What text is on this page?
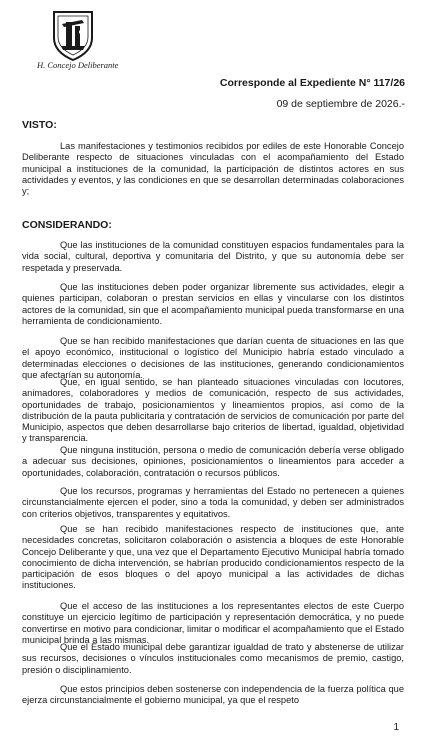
H. Concejo Deliberante
Corresponde al Expediente N° 117/26
09 de septiembre de 2026.-
VISTO:

Las manifestaciones y testimonios recibidos por ediles de este Honorable Concejo Deliberante respecto de situaciones vinculadas con el acompañamiento del Estado municipal a instituciones de la comunidad, la participación de distintos actores en sus actividades y eventos, y las condiciones en que se desarrollan determinadas colaboraciones y;

CONSIDERANDO:

Que las instituciones de la comunidad constituyen espacios fundamentales para la vida social, cultural, deportiva y comunitaria del Distrito, y que su autonomía debe ser respetada y preservada.

Que las instituciones deben poder organizar libremente sus actividades, elegir a quienes participan, colaboran o prestan servicios en ellas y vincularse con los distintos actores de la comunidad, sin que el acompañamiento municipal pueda transformarse en una herramienta de condicionamiento.

Que se han recibido manifestaciones que darían cuenta de situaciones en las que el apoyo económico, institucional o logístico del Municipio habría estado vinculado a determinadas elecciones o decisiones de las instituciones, generando condicionamientos que afectarían su autonomía.

Que, en igual sentido, se han planteado situaciones vinculadas con locutores, animadores, colaboradores y medios de comunicación, respecto de sus actividades, oportunidades de trabajo, posicionamientos y lineamientos propios, así como de la distribución de la pauta publicitaria y contratación de servicios de comunicación por parte del Municipio, aspectos que deben desarrollarse bajo criterios de libertad, igualdad, objetividad y transparencia.

Que ninguna institución, persona o medio de comunicación debería verse obligado a adecuar sus decisiones, opiniones, posicionamientos o lineamientos para acceder a oportunidades, colaboración, contratación o recursos públicos.

Que los recursos, programas y herramientas del Estado no pertenecen a quienes circunstancialmente ejercen el poder, sino a toda la comunidad, y deben ser administrados con criterios objetivos, transparentes y equitativos.

Que se han recibido manifestaciones respecto de instituciones que, ante necesidades concretas, solicitaron colaboración o asistencia a bloques de este Honorable Concejo Deliberante y que, una vez que el Departamento Ejecutivo Municipal habría tomado conocimiento de dicha intervención, se habrían producido condicionamientos respecto de la participación de esos bloques o del apoyo municipal a las actividades de dichas instituciones.

Que el acceso de las instituciones a los representantes electos de este Cuerpo constituye un ejercicio legítimo de participación y representación democrática, y no puede convertirse en motivo para condicionar, limitar o modificar el acompañamiento que el Estado municipal brinda a las mismas.

Que el Estado municipal debe garantizar igualdad de trato y abstenerse de utilizar sus recursos, decisiones o vínculos institucionales como mecanismos de premio, castigo, presión o disciplinamiento.

Que estos principios deben sostenerse con independencia de la fuerza política que ejerza circunstancialmente el gobierno municipal, ya que el respeto

1
